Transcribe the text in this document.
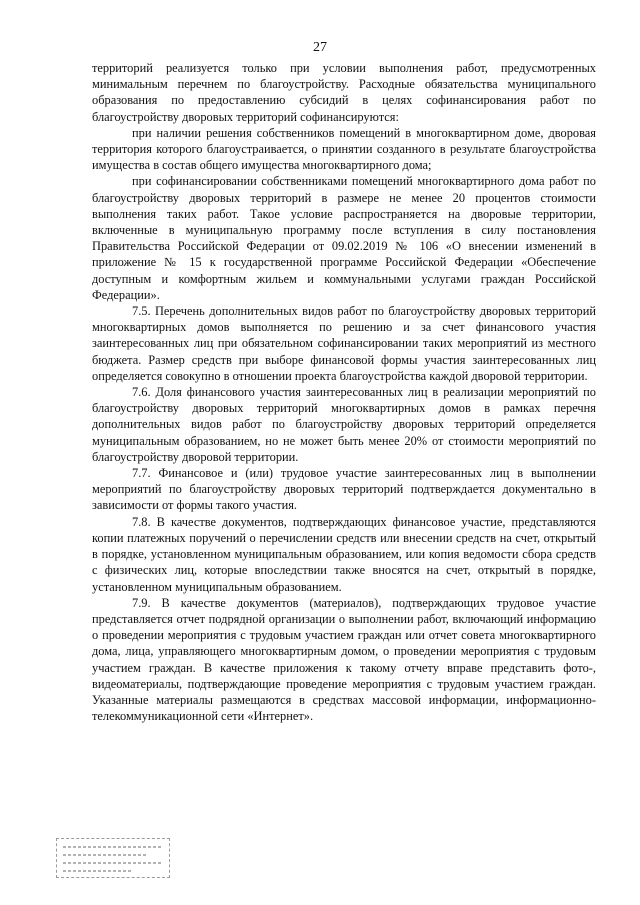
27

территорий реализуется только при условии выполнения работ, предусмотренных минимальным перечнем по благоустройству. Расходные обязательства муниципального образования по предоставлению субсидий в целях софинансирования работ по благоустройству дворовых территорий софинансируются:

при наличии решения собственников помещений в многоквартирном доме, дворовая территория которого благоустраивается, о принятии созданного в результате благоустройства имущества в состав общего имущества многоквартирного дома;

при софинансировании собственниками помещений многоквартирного дома работ по благоустройству дворовых территорий в размере не менее 20 процентов стоимости выполнения таких работ. Такое условие распространяется на дворовые территории, включенные в муниципальную программу после вступления в силу постановления Правительства Российской Федерации от 09.02.2019 № 106 «О внесении изменений в приложение № 15 к государственной программе Российской Федерации «Обеспечение доступным и комфортным жильем и коммунальными услугами граждан Российской Федерации».

7.5. Перечень дополнительных видов работ по благоустройству дворовых территорий многоквартирных домов выполняется по решению и за счет финансового участия заинтересованных лиц при обязательном софинансировании таких мероприятий из местного бюджета. Размер средств при выборе финансовой формы участия заинтересованных лиц определяется совокупно в отношении проекта благоустройства каждой дворовой территории.

7.6. Доля финансового участия заинтересованных лиц в реализации мероприятий по благоустройству дворовых территорий многоквартирных домов в рамках перечня дополнительных видов работ по благоустройству дворовых территорий определяется муниципальным образованием, но не может быть менее 20% от стоимости мероприятий по благоустройству дворовой территории.

7.7. Финансовое и (или) трудовое участие заинтересованных лиц в выполнении мероприятий по благоустройству дворовых территорий подтверждается документально в зависимости от формы такого участия.

7.8. В качестве документов, подтверждающих финансовое участие, представляются копии платежных поручений о перечислении средств или внесении средств на счет, открытый в порядке, установленном муниципальным образованием, или копия ведомости сбора средств с физических лиц, которые впоследствии также вносятся на счет, открытый в порядке, установленном муниципальным образованием.

7.9. В качестве документов (материалов), подтверждающих трудовое участие представляется отчет подрядной организации о выполнении работ, включающий информацию о проведении мероприятия с трудовым участием граждан или отчет совета многоквартирного дома, лица, управляющего многоквартирным домом, о проведении мероприятия с трудовым участием граждан. В качестве приложения к такому отчету вправе представить фото-, видеоматериалы, подтверждающие проведение мероприятия с трудовым участием граждан. Указанные материалы размещаются в средствах массовой информации, информационно-телекоммуникационной сети «Интернет».
